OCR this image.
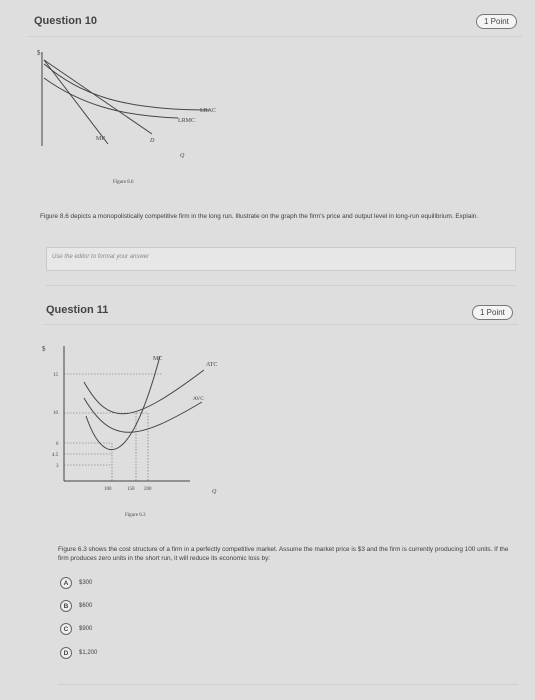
Question 10	1 Point
$
LRAC
LRMC
MR	D
Q
Figure 8.6
Figure 8.6 depicts a monopolistically competitive firm in the long run. Illustrate on the graph the firm's price and output level in long-run equilibrium. Explain.
Use the editor to format your answer
Question 11	1 Point
$
15
10
6
4.5
3
MC
ATC
AVC
100	150 200	Q
Figure 6.3
Figure 6.3 shows the cost structure of a firm in a perfectly competitive market. Assume the market price is $3 and the firm is currently producing 100 units. If the firm produces zero units in the short run, it will reduce its economic loss by:
A	$300
B	$600
C	$900
D	$1,200
